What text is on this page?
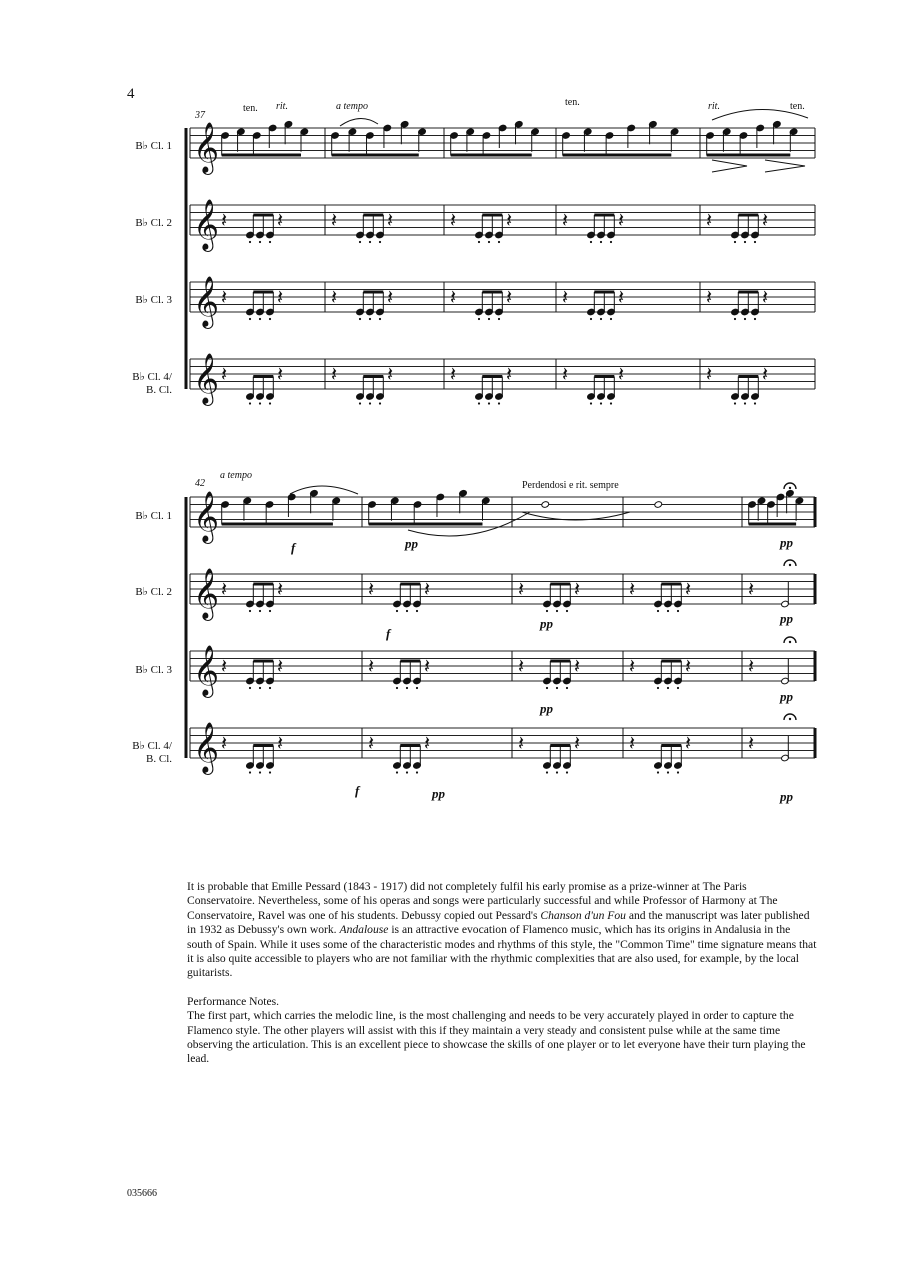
4
𝄞
𝄞 𝄽 𝄽 𝄽 𝄽	𝄽 𝄽 𝄽 𝄽	𝄽 𝄽
𝄞 𝄽 𝄽 𝄽 𝄽	𝄽 𝄽 𝄽 𝄽	𝄽 𝄽
𝄞 𝄽 𝄽 𝄽 𝄽	𝄽 𝄽 𝄽 𝄽	𝄽 𝄽
𝄞
𝄞 𝄽 𝄽	𝄽 𝄽	𝄽 𝄽 𝄽 𝄽	𝄽
𝄞 𝄽 𝄽	𝄽 𝄽	𝄽 𝄽 𝄽 𝄽	𝄽
𝄞 𝄽 𝄽	𝄽 𝄽	𝄽 𝄽 𝄽 𝄽	𝄽
37
ten. rit.	a tempo	ten.	rit.	ten.
B♭ Cl. 1
B♭ Cl. 2
B♭ Cl. 3
B♭ Cl. 4/
B. Cl.
42
a tempo
Perdendosi e rit. sempre
B♭ Cl. 1
B♭ Cl. 2
B♭ Cl. 3
B♭ Cl. 4/
B. Cl.
f	pp	pp
f
pp	pp
pp
pp
pp
f	pp

It is probable that Emille Pessard (1843 - 1917) did not completely fulfil his early promise as a prize-winner at The Paris Conservatoire. Nevertheless, some of his operas and songs were particularly successful and while Professor of Harmony at The Conservatoire, Ravel was one of his students. Debussy copied out Pessard's Chanson d'un Fou and the manuscript was later published in 1932 as Debussy's own work. Andalouse is an attractive evocation of Flamenco music, which has its origins in Andalusia in the south of Spain. While it uses some of the characteristic modes and rhythms of this style, the "Common Time" time signature means that it is also quite accessible to players who are not familiar with the rhythmic complexities that are also used, for example, by the local guitarists.

Performance Notes.

The first part, which carries the melodic line, is the most challenging and needs to be very accurately played in order to capture the Flamenco style. The other players will assist with this if they maintain a very steady and consistent pulse while at the same time observing the articulation. This is an excellent piece to showcase the skills of one player or to let everyone have their turn playing the lead.

035666
